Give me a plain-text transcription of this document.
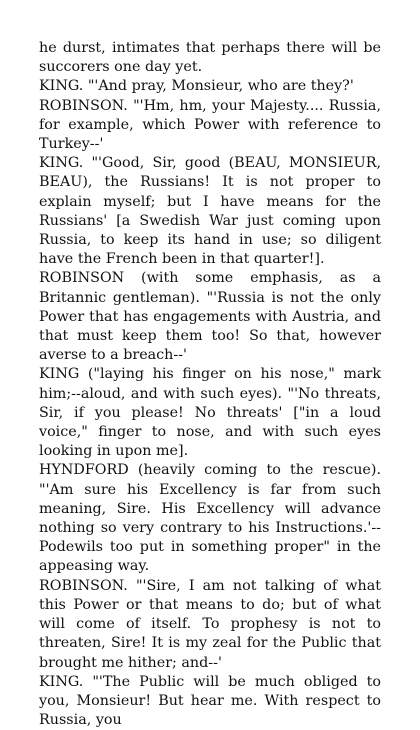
he durst, intimates that perhaps there will be succorers one day yet.

KING. "'And pray, Monsieur, who are they?'

ROBINSON. "'Hm, hm, your Majesty.... Russia, for example, which Power with reference to Turkey--'

KING. "'Good, Sir, good (BEAU, MONSIEUR, BEAU), the Russians! It is not proper to explain myself; but I have means for the Russians' [a Swedish War just coming upon Russia, to keep its hand in use; so diligent have the French been in that quarter!].

ROBINSON (with some emphasis, as a Britannic gentleman). "'Russia is not the only Power that has engagements with Austria, and that must keep them too! So that, however averse to a breach--'

KING ("laying his finger on his nose," mark him;--aloud, and with such eyes). "'No threats, Sir, if you please! No threats' ["in a loud voice," finger to nose, and with such eyes looking in upon me].

HYNDFORD (heavily coming to the rescue). "'Am sure his Excellency is far from such meaning, Sire. His Excellency will advance nothing so very contrary to his Instructions.'--Podewils too put in something proper" in the appeasing way.

ROBINSON. "'Sire, I am not talking of what this Power or that means to do; but of what will come of itself. To prophesy is not to threaten, Sire! It is my zeal for the Public that brought me hither; and--'

KING. "'The Public will be much obliged to you, Monsieur! But hear me. With respect to Russia, you
